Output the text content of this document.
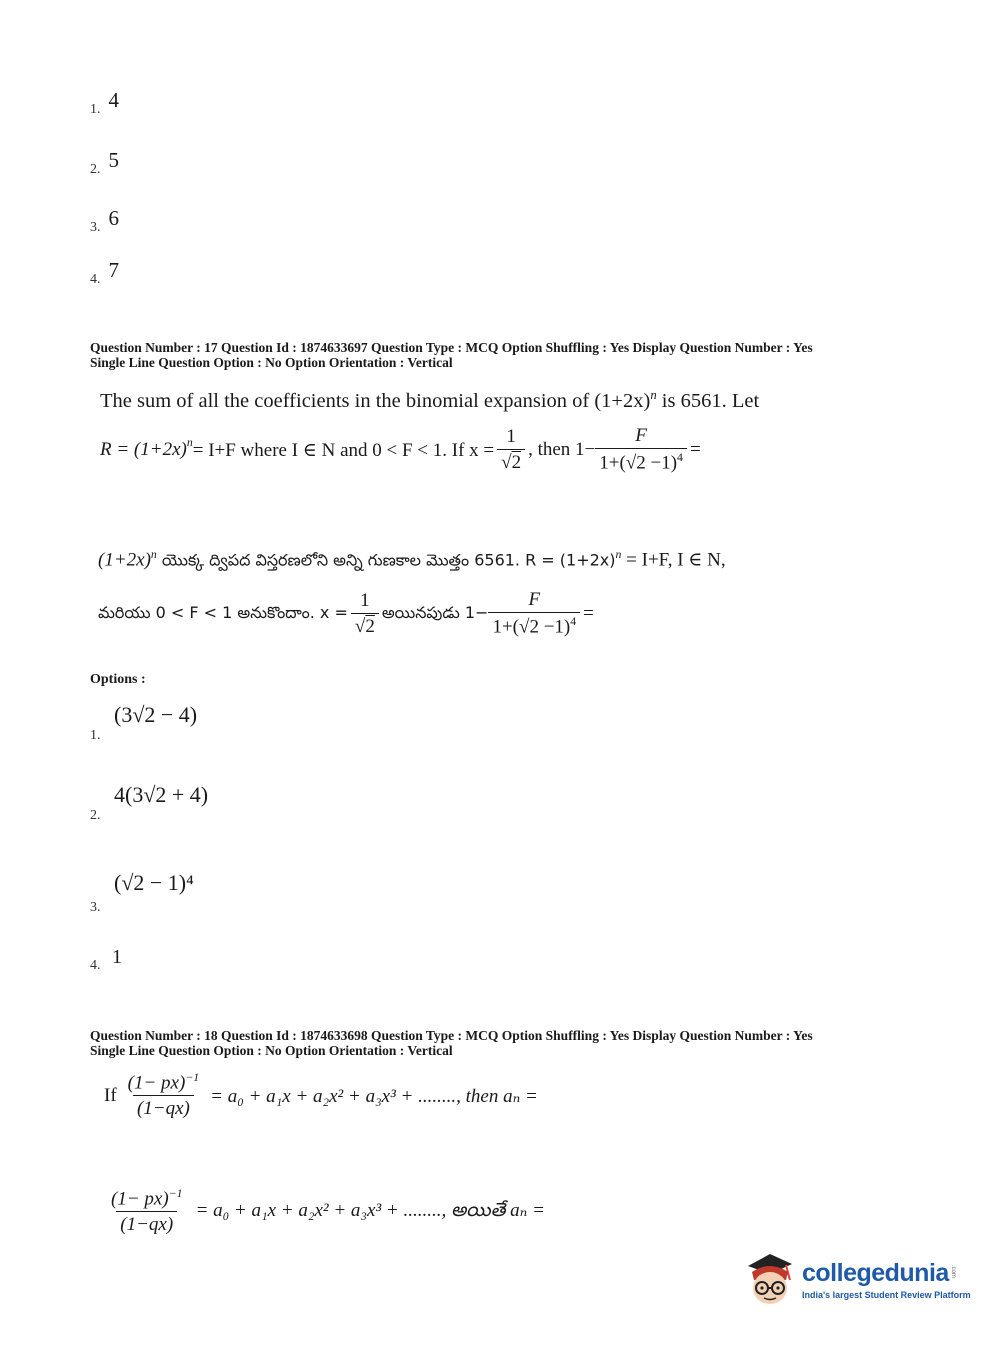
1. 4
2. 5
3. 6
4. 7
Question Number : 17 Question Id : 1874633697 Question Type : MCQ Option Shuffling : Yes Display Question Number : Yes
Single Line Question Option : No Option Orientation : Vertical
The sum of all the coefficients in the binomial expansion of $(1+2x)^n$ is 6561. Let
R = (1+2x) n = I+F where I ∈ N and 0 < F < 1. If $x = \frac{1}{√2}$ , then $1- \frac{F}{1+(√2 -1)^4}$ =
$(1+2x)^n$ యొక్క ద్విపద విస్తరణలోని అన్ని గుణకాల మొత్తం 6561. $R = (1+2x)^n = I+F$, I ∈ N,
మరియు 0 < F < 1 అనుకొందాం. $x = \frac{1}{√2}$ అయినపుడు $1- \frac{F}{1+(√2 -1)^4}$ =
Options :
(3√2 − 4)
1.
4(3√2 + 4)
2.
(√2 − 1)⁴
3.
1
4.
Question Number : 18 Question Id : 1874633698 Question Type : MCQ Option Shuffling : Yes Display Question Number : Yes
Single Line Question Option : No Option Orientation : Vertical
If $\frac{(1- px)^{-1}}{(1-qx)} = a_0 + a_1x + a_2x^2 + a_3x^3$ + ........, then aₙ =
$\frac{(1- px)^{-1}}{(1-qx)} = a_0 + a_1x + a_2x^2 + a_3x^3$ + ........, అయితే aₙ =
collegedunia .com
India's largest Student Review Platform
